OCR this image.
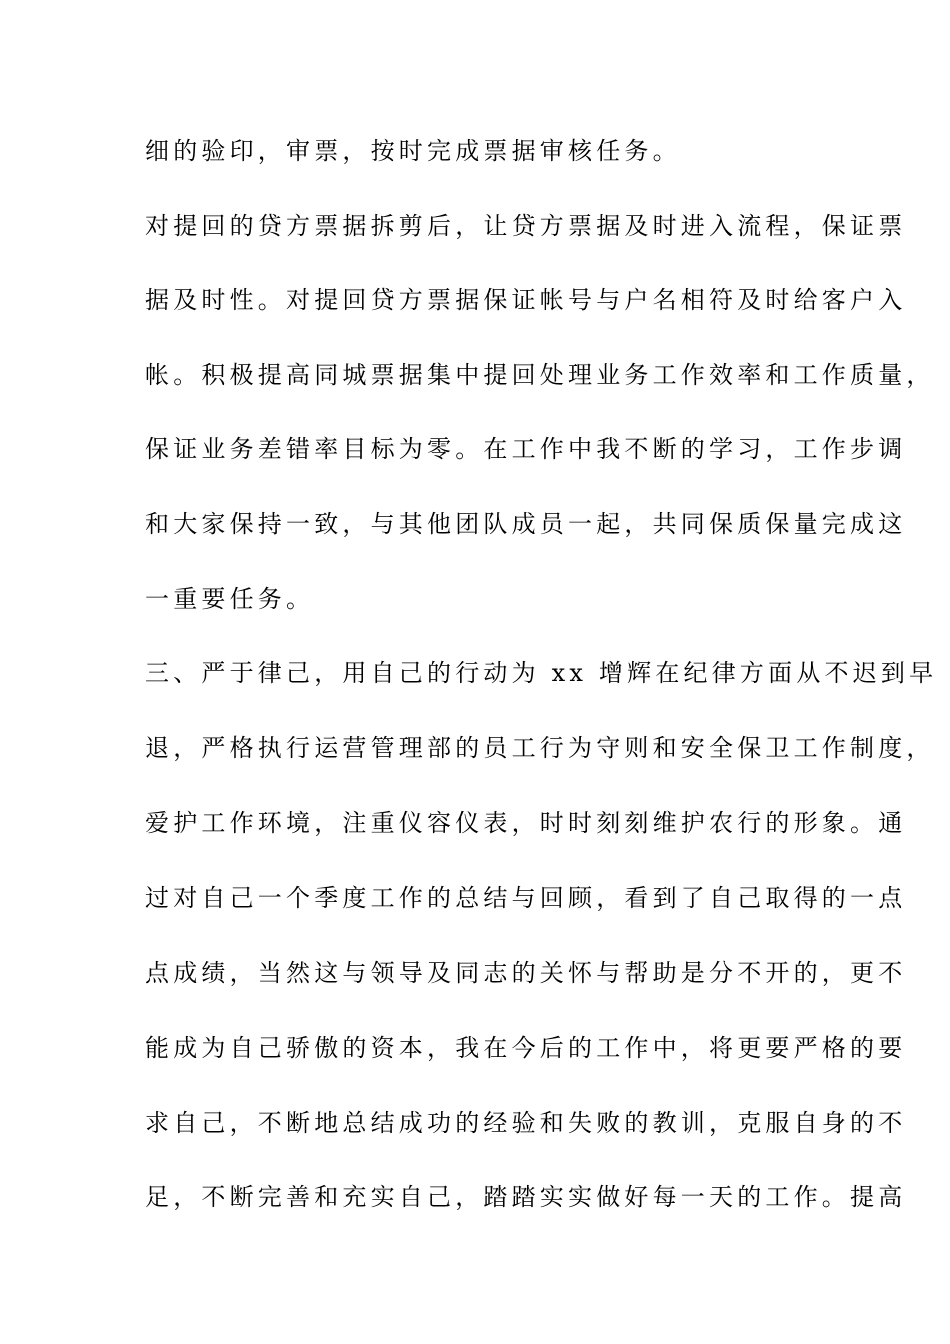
细的验印，审票，按时完成票据审核任务。
对提回的贷方票据拆剪后，让贷方票据及时进入流程，保证票
据及时性。对提回贷方票据保证帐号与户名相符及时给客户入
帐。积极提高同城票据集中提回处理业务工作效率和工作质量，
保证业务差错率目标为零。在工作中我不断的学习，工作步调
和大家保持一致，与其他团队成员一起，共同保质保量完成这
一重要任务。
三、严于律己，用自己的行动为 xx 增辉在纪律方面从不迟到早
退，严格执行运营管理部的员工行为守则和安全保卫工作制度，
爱护工作环境，注重仪容仪表，时时刻刻维护农行的形象。通
过对自己一个季度工作的总结与回顾，看到了自己取得的一点
点成绩，当然这与领导及同志的关怀与帮助是分不开的，更不
能成为自己骄傲的资本，我在今后的工作中，将更要严格的要
求自己，不断地总结成功的经验和失败的教训，克服自身的不
足，不断完善和充实自己，踏踏实实做好每一天的工作。提高
